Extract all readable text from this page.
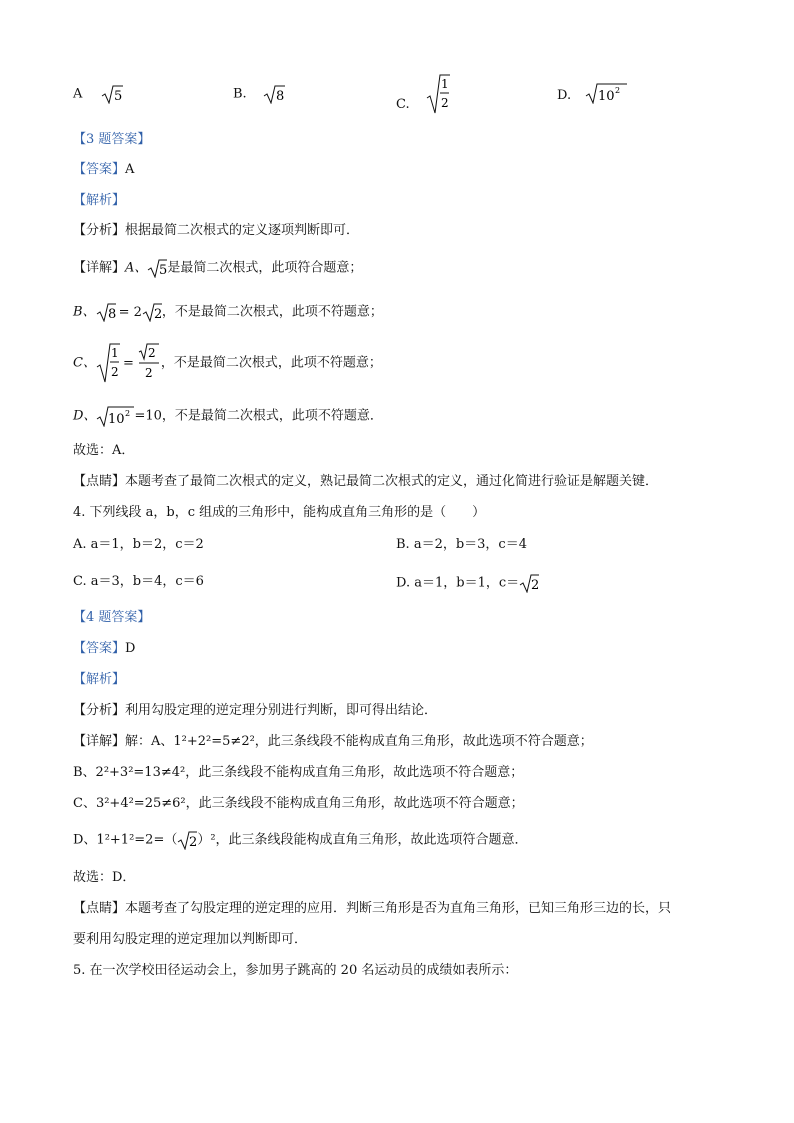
A 5	B. 8	C.
1
2
D. 10 2
【3 题答案】
【答案】A
【解析】
【分析】根据最简二次根式的定义逐项判断即可．
【详解】A、 5 是最简二次根式，此项符合题意；
B、 8 = 2 2 ，不是最简二次根式，此项不符题意；
C、
1
2
=
2
2
，不是最简二次根式，此项不符题意；
D、 10 2 =10，不是最简二次根式，此项不符题意．
故选：A．
【点睛】本题考查了最简二次根式的定义，熟记最简二次根式的定义，通过化简进行验证是解题关键．
4. 下列线段 a，b，c 组成的三角形中，能构成直角三角形的是（　　）
A. a＝1，b＝2，c＝2	B. a＝2，b＝3，c＝4
C. a＝3，b＝4，c＝6	D. a＝1，b＝1，c＝ 2
【4 题答案】
【答案】D
【解析】
【分析】利用勾股定理的逆定理分别进行判断，即可得出结论．
【详解】解：A、1²+2²=5≠2²，此三条线段不能构成直角三角形，故此选项不符合题意；
B、2²+3²=13≠4²，此三条线段不能构成直角三角形，故此选项不符合题意；
C、3²+4²=25≠6²，此三条线段不能构成直角三角形，故此选项不符合题意；
D、1²+1²=2=（ 2 ）²，此三条线段能构成直角三角形，故此选项符合题意．
故选：D．
【点睛】本题考查了勾股定理的逆定理的应用．判断三角形是否为直角三角形，已知三角形三边的长，只
要利用勾股定理的逆定理加以判断即可．
5. 在一次学校田径运动会上，参加男子跳高的 20 名运动员的成绩如表所示：
